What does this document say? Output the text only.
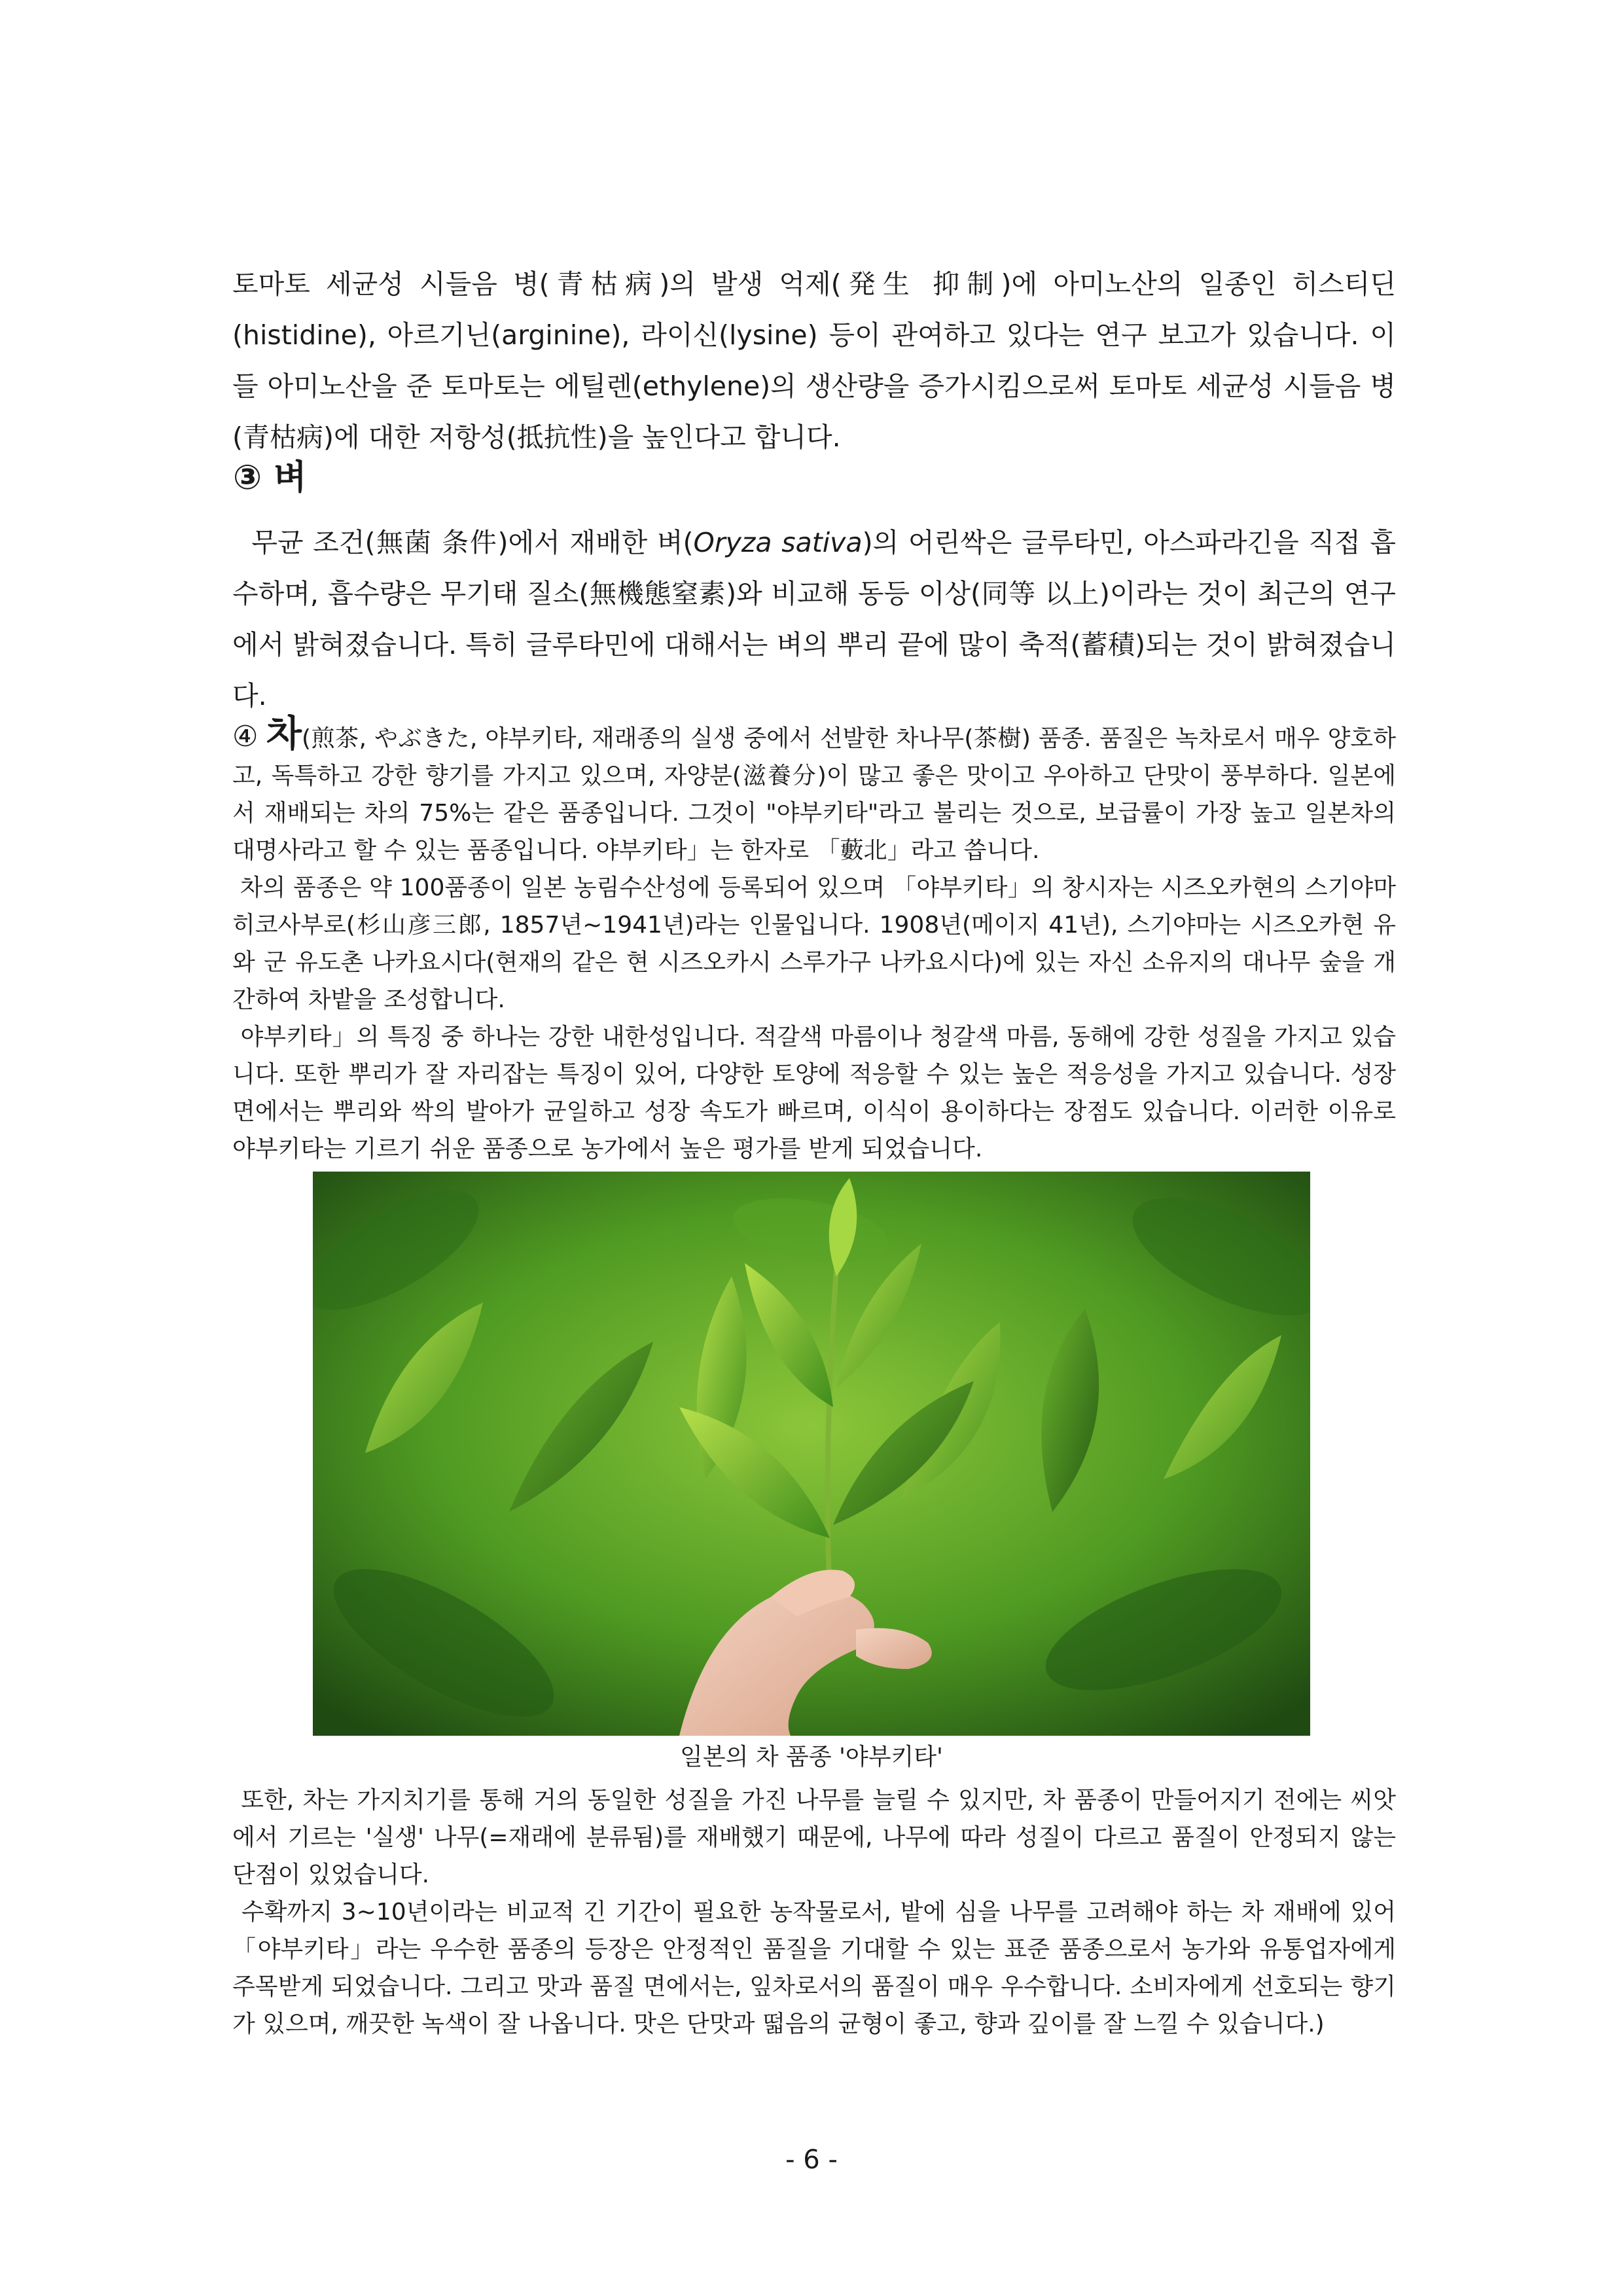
토마토 세균성 시들음 병(青枯病)의 발생 억제(発生 抑制)에 아미노산의 일종인 히스티딘(histidine), 아르기닌(arginine), 라이신(lysine) 등이 관여하고 있다는 연구 보고가 있습니다. 이들 아미노산을 준 토마토는 에틸렌(ethylene)의 생산량을 증가시킴으로써 토마토 세균성 시들음 병(青枯病)에 대한 저항성(抵抗性)을 높인다고 합니다.
③ 벼
무균 조건(無菌 条件)에서 재배한 벼(Oryza sativa)의 어린싹은 글루타민, 아스파라긴을 직접 흡수하며, 흡수량은 무기태 질소(無機態窒素)와 비교해 동등 이상(同等 以上)이라는 것이 최근의 연구에서 밝혀졌습니다. 특히 글루타민에 대해서는 벼의 뿌리 끝에 많이 축적(蓄積)되는 것이 밝혀졌습니다.

④ 차(煎茶, やぶきた, 야부키타, 재래종의 실생 중에서 선발한 차나무(茶樹) 품종. 품질은 녹차로서 매우 양호하고, 독특하고 강한 향기를 가지고 있으며, 자양분(滋養分)이 많고 좋은 맛이고 우아하고 단맛이 풍부하다. 일본에서 재배되는 차의 75%는 같은 품종입니다. 그것이 "야부키타"라고 불리는 것으로, 보급률이 가장 높고 일본차의 대명사라고 할 수 있는 품종입니다. 야부키타」는 한자로 「藪北」라고 씁니다.

차의 품종은 약 100품종이 일본 농림수산성에 등록되어 있으며 「야부키타」의 창시자는 시즈오카현의 스기야마 히코사부로(杉山彦三郎, 1857년~1941년)라는 인물입니다. 1908년(메이지 41년), 스기야마는 시즈오카현 유와 군 유도촌 나카요시다(현재의 같은 현 시즈오카시 스루가구 나카요시다)에 있는 자신 소유지의 대나무 숲을 개간하여 차밭을 조성합니다.

야부키타」의 특징 중 하나는 강한 내한성입니다. 적갈색 마름이나 청갈색 마름, 동해에 강한 성질을 가지고 있습니다. 또한 뿌리가 잘 자리잡는 특징이 있어, 다양한 토양에 적응할 수 있는 높은 적응성을 가지고 있습니다. 성장 면에서는 뿌리와 싹의 발아가 균일하고 성장 속도가 빠르며, 이식이 용이하다는 장점도 있습니다. 이러한 이유로 야부키타는 기르기 쉬운 품종으로 농가에서 높은 평가를 받게 되었습니다.

일본의 차 품종 '야부키타'

또한, 차는 가지치기를 통해 거의 동일한 성질을 가진 나무를 늘릴 수 있지만, 차 품종이 만들어지기 전에는 씨앗에서 기르는 '실생' 나무(=재래에 분류됨)를 재배했기 때문에, 나무에 따라 성질이 다르고 품질이 안정되지 않는 단점이 있었습니다.

수확까지 3~10년이라는 비교적 긴 기간이 필요한 농작물로서, 밭에 심을 나무를 고려해야 하는 차 재배에 있어 「야부키타」라는 우수한 품종의 등장은 안정적인 품질을 기대할 수 있는 표준 품종으로서 농가와 유통업자에게 주목받게 되었습니다. 그리고 맛과 품질 면에서는, 잎차로서의 품질이 매우 우수합니다. 소비자에게 선호되는 향기가 있으며, 깨끗한 녹색이 잘 나옵니다. 맛은 단맛과 떫음의 균형이 좋고, 향과 깊이를 잘 느낄 수 있습니다.)

- 6 -
